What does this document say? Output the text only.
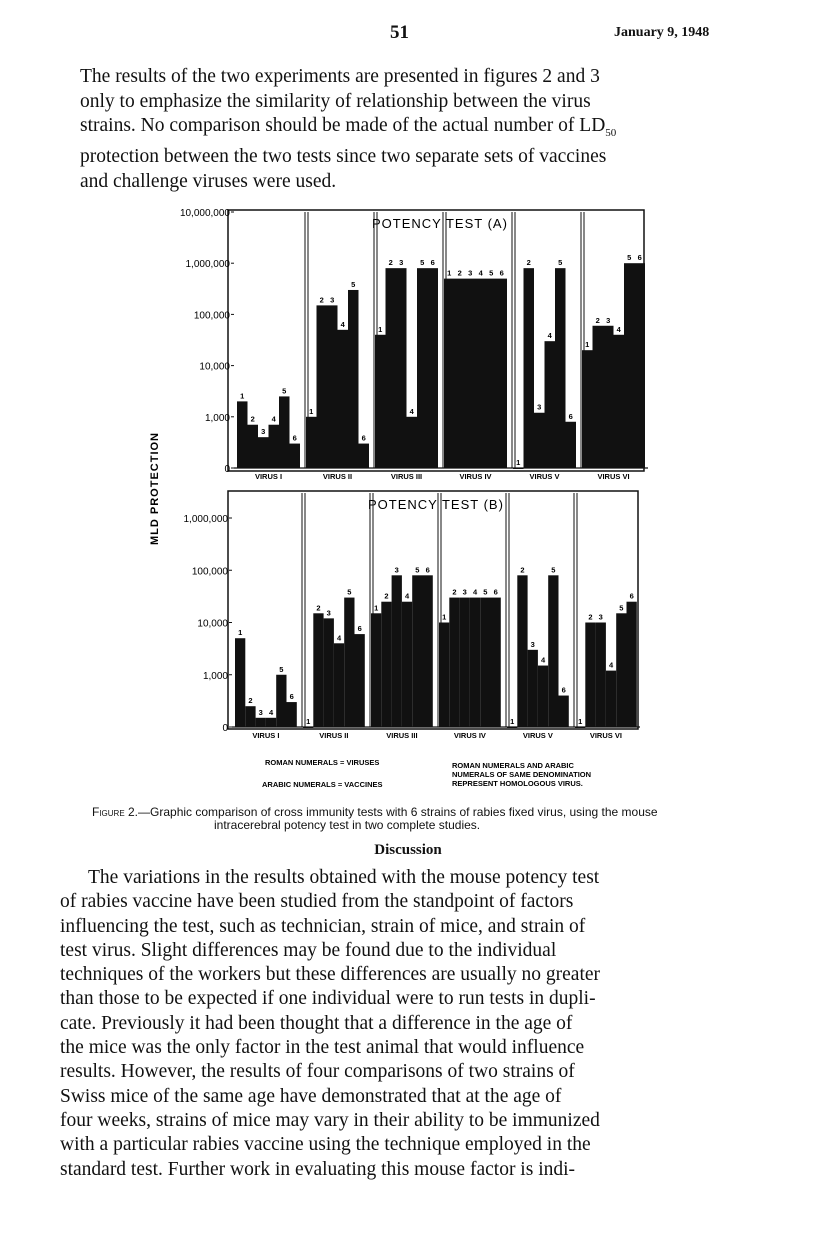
51	January 9, 1948
The results of the two experiments are presented in figures 2 and 3
only to emphasize the similarity of relationship between the virus
strains. No comparison should be made of the actual number of $LD_{50}$
protection between the two tests since two separate sets of vaccines
and challenge viruses were used.
POTENCY TEST (A)
0
1,000
10,000
100,000
1,000,000
10,000,000
VIRUS I	VIRUS II	VIRUS III	VIRUS IV	VIRUS V	VIRUS VI
1
2
3
4
5
6
1
2 3
4
5
6
1
2 3
4
5 6
1 2 3 4 5 6
1
2
3
4
5
6
1
2 3
4
5 6
POTENCY TEST (B)
0
1,000
10,000
100,000
1,000,000
VIRUS I	VIRUS II	VIRUS III	VIRUS IV	VIRUS V	VIRUS VI
1
2
3 4
5
6
1
2
3
4
5
6
1
2
3
4
5 6
1
2 3 4 5 6
1
2
3
4
5
6
1
2 3
4
5
6
MLD PROTECTION
ROMAN NUMERALS = VIRUSES
ARABIC NUMERALS = VACCINES
ROMAN NUMERALS AND ARABIC
NUMERALS OF SAME DENOMINATION
REPRESENT HOMOLOGOUS VIRUS.
Figure 2.—Graphic comparison of cross immunity tests with 6 strains of rabies fixed virus, using the mouse
intracerebral potency test in two complete studies.
Discussion
The variations in the results obtained with the mouse potency test
of rabies vaccine have been studied from the standpoint of factors
influencing the test, such as technician, strain of mice, and strain of
test virus. Slight differences may be found due to the individual
techniques of the workers but these differences are usually no greater
than those to be expected if one individual were to run tests in dupli-
cate. Previously it had been thought that a difference in the age of
the mice was the only factor in the test animal that would influence
results. However, the results of four comparisons of two strains of
Swiss mice of the same age have demonstrated that at the age of
four weeks, strains of mice may vary in their ability to be immunized
with a particular rabies vaccine using the technique employed in the
standard test. Further work in evaluating this mouse factor is indi-
